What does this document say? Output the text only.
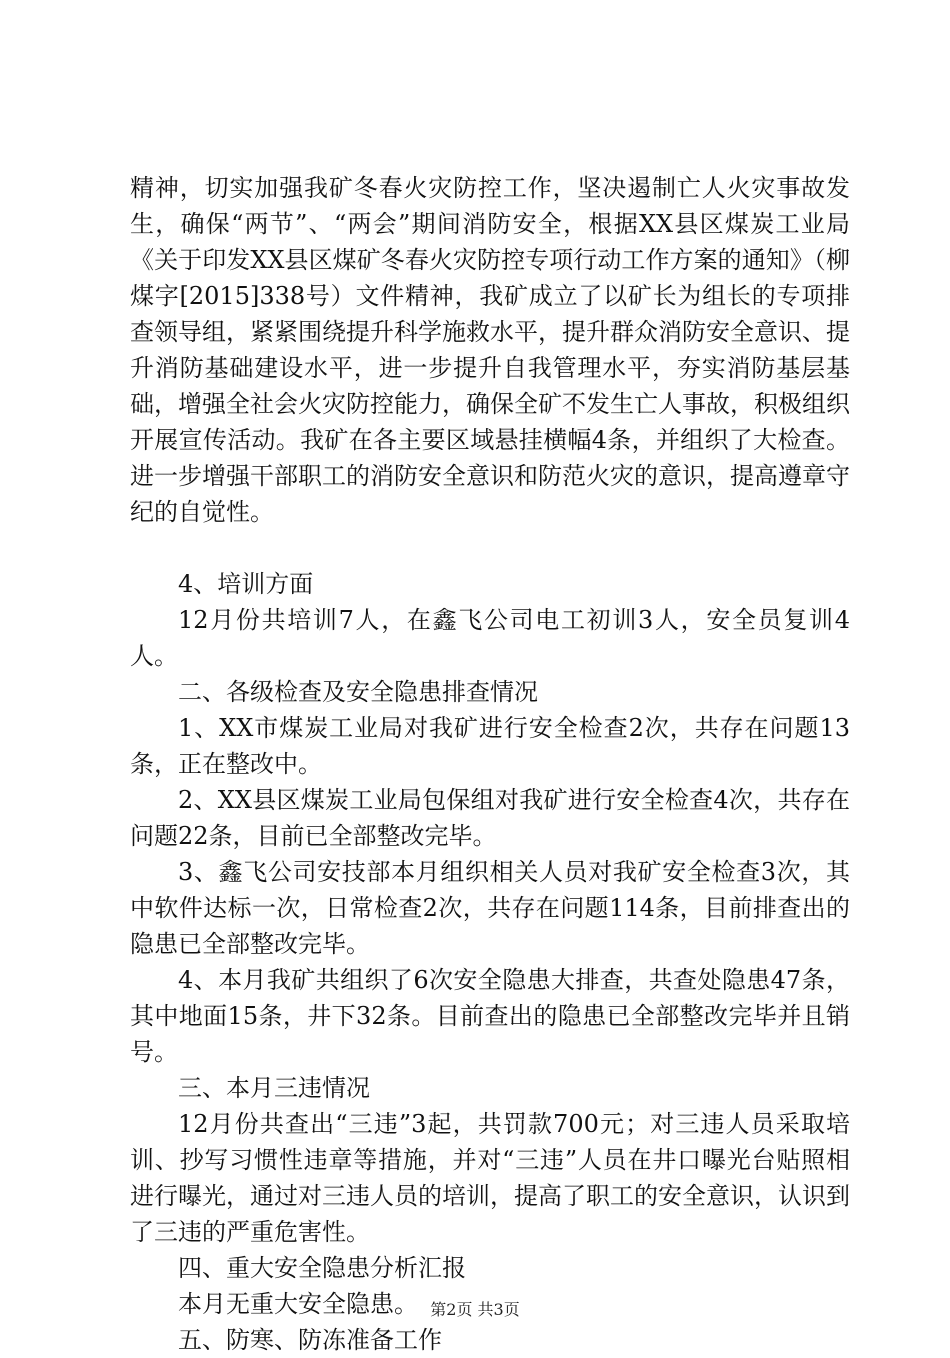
精神，切实加强我矿冬春火灾防控工作，坚决遏制亡人火灾事故发生，确保“两节”、“两会”期间消防安全，根据XX县区煤炭工业局《关于印发XX县区煤矿冬春火灾防控专项行动工作方案的通知》（柳煤字[2015]338号）文件精神，我矿成立了以矿长为组长的专项排查领导组，紧紧围绕提升科学施救水平，提升群众消防安全意识、提升消防基础建设水平，进一步提升自我管理水平，夯实消防基层基础，增强全社会火灾防控能力，确保全矿不发生亡人事故，积极组织开展宣传活动。我矿在各主要区域悬挂横幅4条，并组织了大检查。进一步增强干部职工的消防安全意识和防范火灾的意识，提高遵章守纪的自觉性。

4、培训方面

12月份共培训7人，在鑫飞公司电工初训3人，安全员复训4人。

二、各级检查及安全隐患排查情况

1、XX市煤炭工业局对我矿进行安全检查2次，共存在问题13条，正在整改中。

2、XX县区煤炭工业局包保组对我矿进行安全检查4次，共存在问题22条，目前已全部整改完毕。

3、鑫飞公司安技部本月组织相关人员对我矿安全检查3次，其中软件达标一次，日常检查2次，共存在问题114条，目前排查出的隐患已全部整改完毕。

4、本月我矿共组织了6次安全隐患大排查，共查处隐患47条，其中地面15条，井下32条。目前查出的隐患已全部整改完毕并且销号。

三、本月三违情况

12月份共查出“三违”3起，共罚款700元；对三违人员采取培训、抄写习惯性违章等措施，并对“三违”人员在井口曝光台贴照相进行曝光，通过对三违人员的培训，提高了职工的安全意识，认识到了三违的严重危害性。

四、重大安全隐患分析汇报

本月无重大安全隐患。

五、防寒、防冻准备工作

第2页 共3页
